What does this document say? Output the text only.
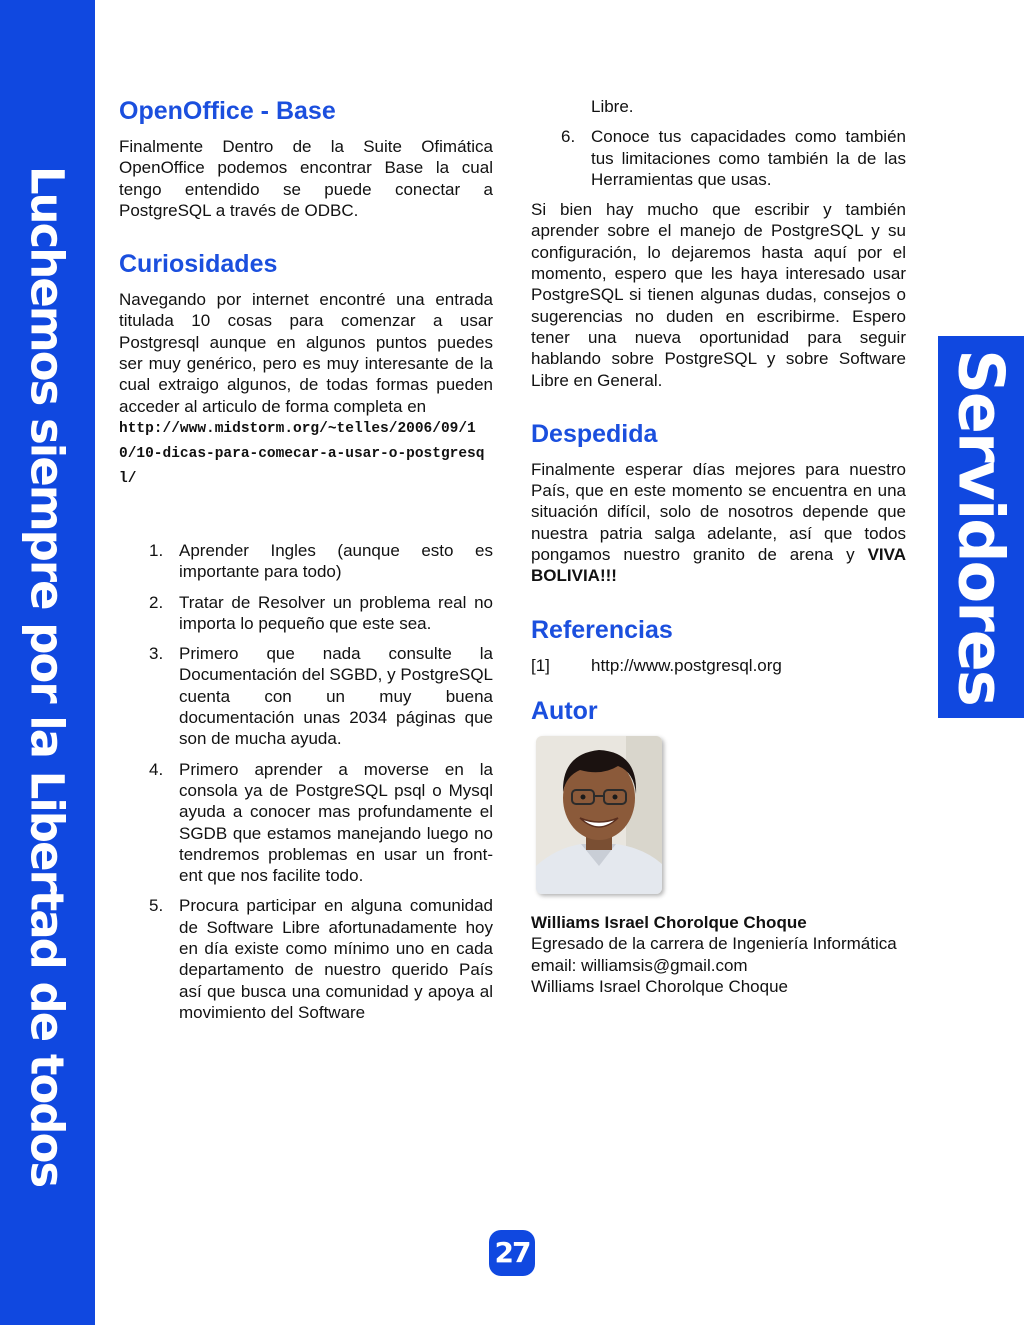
Luchemos siempre por la Libertad de todos	Servidores
OpenOffice - Base

Finalmente Dentro de la Suite Ofimática OpenOffice podemos encontrar Base la cual tengo entendido se puede conectar a PostgreSQL a través de ODBC.

Curiosidades

Navegando por internet encontré una entrada titulada 10 cosas para comenzar a usar Postgresql aunque en algunos puntos puedes ser muy genérico, pero es muy interesante de la cual extraigo algunos, de todas formas pueden acceder al articulo de forma completa en

http://www.midstorm.org/~telles/2006/09/10/10-dicas-para-comecar-a-usar-o-postgresql/
1. Aprender Ingles (aunque esto es importante para todo)
2. Tratar de Resolver un problema real no importa lo pequeño que este sea.
3. Primero que nada consulte la Documentación del SGBD, y PostgreSQL cuenta con un muy buena documentación unas 2034 páginas que son de mucha ayuda.
4. Primero aprender a moverse en la consola ya de PostgreSQL psql o Mysql ayuda a conocer mas profundamente el SGDB que estamos manejando luego no tendremos problemas en usar un front-ent que nos facilite todo.
5. Procura participar en alguna comunidad de Software Libre afortunadamente hoy en día existe como mínimo uno en cada departamento de nuestro querido País así que busca una comunidad y apoya al movimiento del Software
Libre.
6. Conoce tus capacidades como también tus limitaciones como también la de las Herramientas que usas.

Si bien hay mucho que escribir y también aprender sobre el manejo de PostgreSQL y su configuración, lo dejaremos hasta aquí por el momento, espero que les haya interesado usar PostgreSQL si tienen algunas dudas, consejos o sugerencias no duden en escribirme. Espero tener una nueva oportunidad para seguir hablando sobre PostgreSQL y sobre Software Libre en General.

Despedida

Finalmente esperar días mejores para nuestro País, que en este momento se encuentra en una situación difícil, solo de nosotros depende que nuestra patria salga adelante, así que todos pongamos nuestro granito de arena y VIVA BOLIVIA!!!

Referencias
[1]	http://www.postgresql.org
Autor
Williams Israel Chorolque Choque

Egresado de la carrera de Ingeniería Informática

email: williamsis@gmail.com
Williams Israel Chorolque Choque
27
